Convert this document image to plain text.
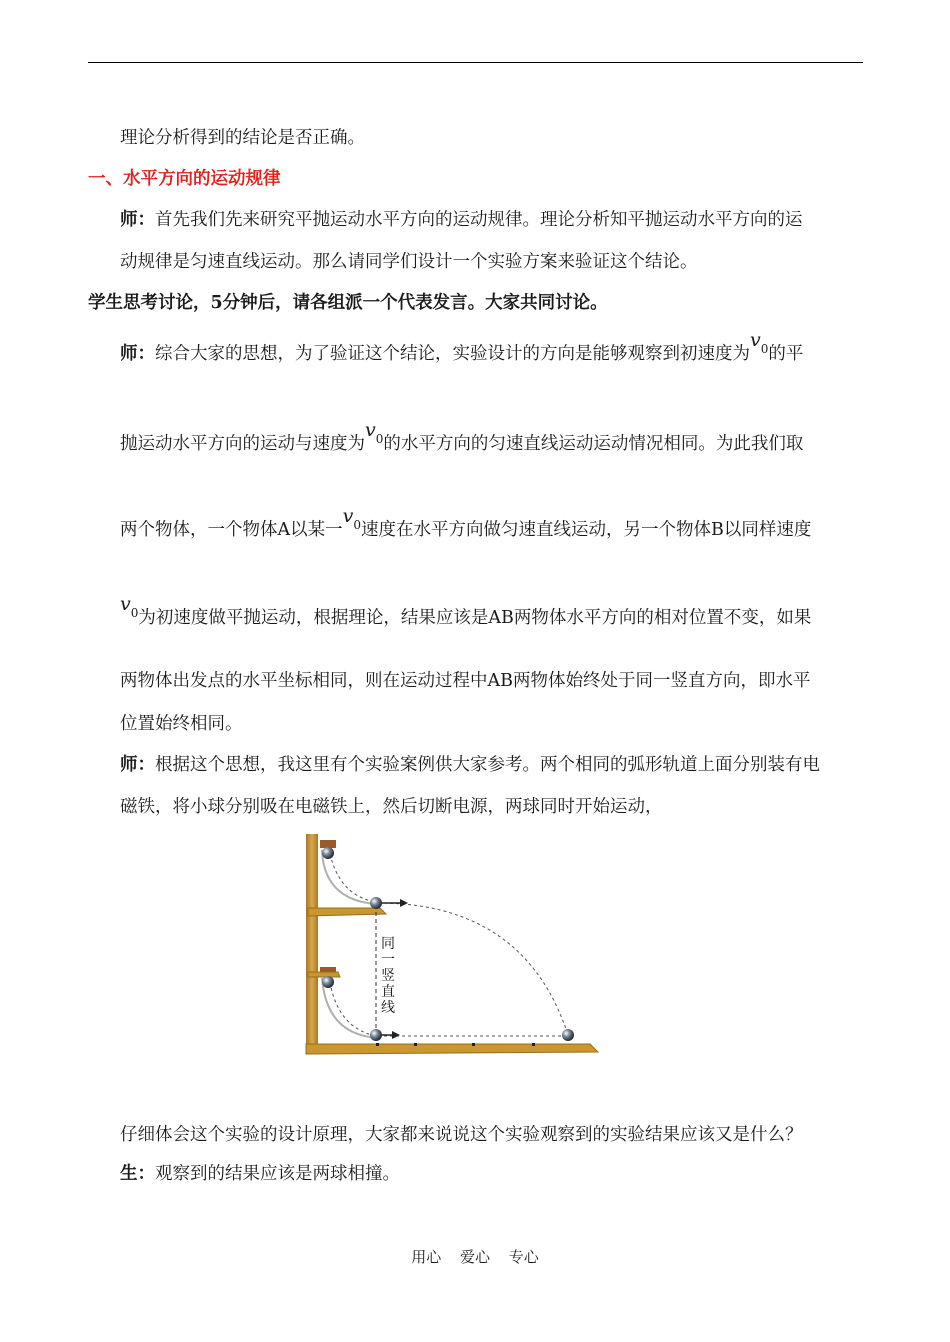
理论分析得到的结论是否正确。
一、水平方向的运动规律
师：首先我们先来研究平抛运动水平方向的运动规律。理论分析知平抛运动水平方向的运
动规律是匀速直线运动。那么请同学们设计一个实验方案来验证这个结论。
学生思考讨论，5分钟后，请各组派一个代表发言。大家共同讨论。
师：综合大家的思想，为了验证这个结论，实验设计的方向是能够观察到初速度为$v^0$的平
抛运动水平方向的运动与速度为$v^0$的水平方向的匀速直线运动运动情况相同。为此我们取
两个物体，一个物体A以某一$v^0$速度在水平方向做匀速直线运动，另一个物体B以同样速度
$v^0$为初速度做平抛运动，根据理论，结果应该是AB两物体水平方向的相对位置不变，如果
两物体出发点的水平坐标相同，则在运动过程中AB两物体始终处于同一竖直方向，即水平
位置始终相同。
师：根据这个思想，我这里有个实验案例供大家参考。两个相同的弧形轨道上面分别装有电
磁铁，将小球分别吸在电磁铁上，然后切断电源，两球同时开始运动，
同一竖直线
仔细体会这个实验的设计原理，大家都来说说这个实验观察到的实验结果应该又是什么？
生：观察到的结果应该是两球相撞。
用心 爱心 专心
